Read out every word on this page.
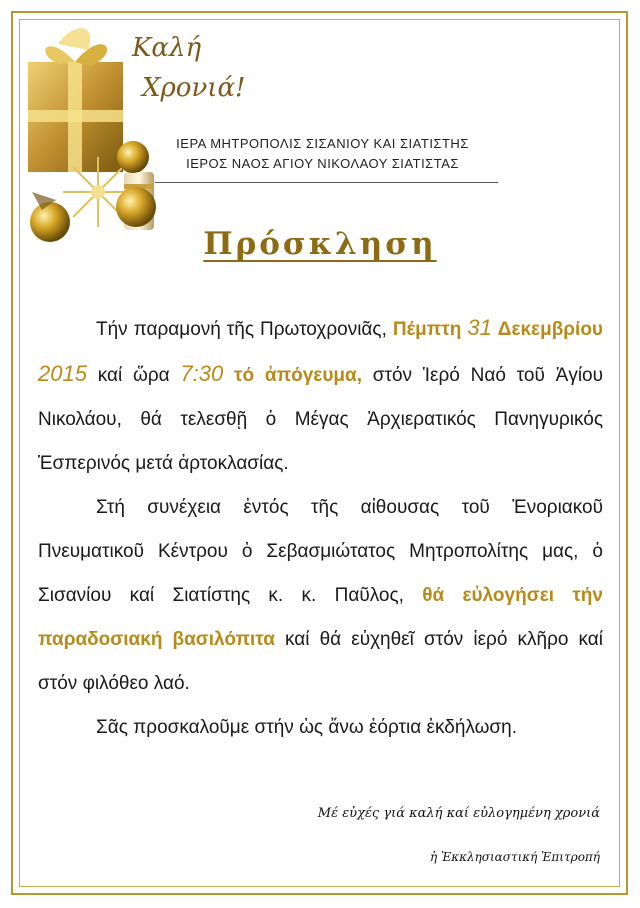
Καλή
Χρονιά!
ΙΕΡΑ ΜΗΤΡΟΠΟΛΙΣ ΣΙΣΑΝΙΟΥ ΚΑΙ ΣΙΑΤΙΣΤΗΣ
ΙΕΡΟΣ ΝΑΟΣ ΑΓΙΟΥ ΝΙΚΟΛΑΟΥ ΣΙΑΤΙΣΤΑΣ
Πρόσκληση

Τήν παραμονή τῆς Πρωτοχρονιᾶς, Πέμπτη 31 Δεκεμβρίου 2015 καί ὥρα 7:30 τό ἀπόγευμα, στόν Ἱερό Ναό τοῦ Ἁγίου Νικολάου, θά τελεσθῇ ὁ Μέγας Ἀρχιερατικός Πανηγυρικός Ἑσπερινός μετά ἀρτοκλασίας.

Στή συνέχεια ἐντός τῆς αἰθουσας τοῦ Ἐνοριακοῦ Πνευματικοῦ Κέντρου ὁ Σεβασμιώτατος Μητροπολίτης μας, ὁ Σισανίου καί Σιατίστης κ. κ. Παῦλος, θά εὐλογήσει τήν παραδοσιακή βασιλόπιτα καί θά εὐχηθεῖ στόν ἱερό κλῆρο καί στόν φιλόθεο λαό.

Σᾶς προσκαλοῦμε στήν ὡς ἄνω ἑόρτια ἐκδήλωση.

Μέ εὐχές γιά καλή καί εὐλογημένη χρονιά
ἡ Ἐκκλησιαστική Ἐπιτροπή
